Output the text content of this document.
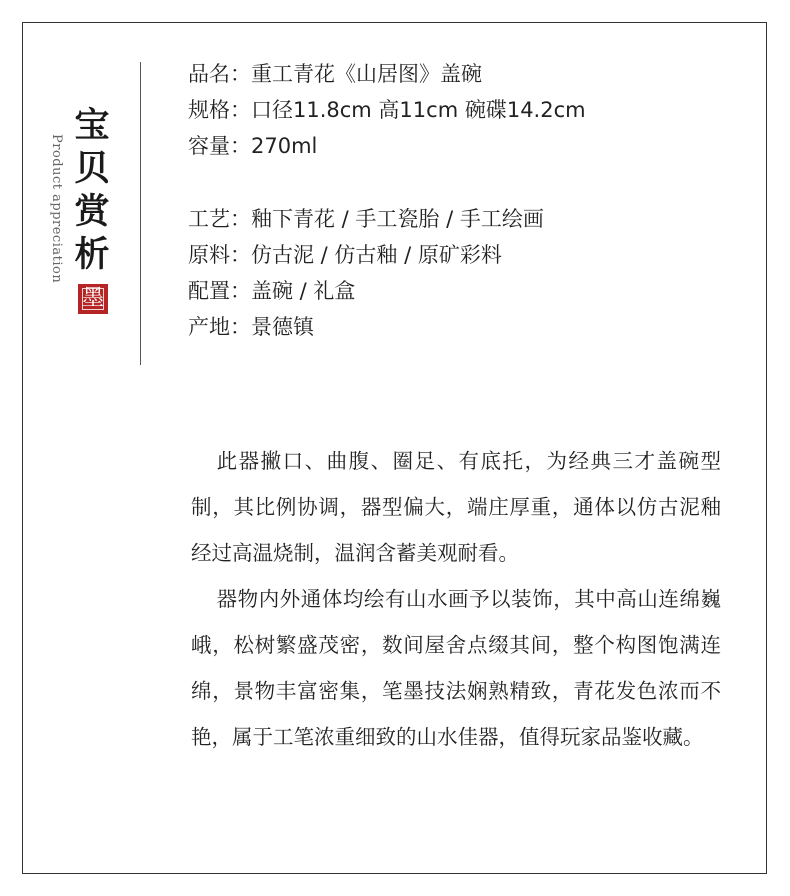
宝
贝
赏
析
Product appreciation
墨
品名：重工青花《山居图》盖碗
规格：口径11.8cm 高11cm 碗碟14.2cm
容量：270ml
工艺：釉下青花 / 手工瓷胎 / 手工绘画
原料：仿古泥 / 仿古釉 / 原矿彩料
配置：盖碗 / 礼盒
产地：景德镇

此器撇口、曲腹、圈足、有底托，为经典三才盖碗型制，其比例协调，器型偏大，端庄厚重，通体以仿古泥釉经过高温烧制，温润含蓄美观耐看。

器物内外通体均绘有山水画予以装饰，其中高山连绵巍峨，松树繁盛茂密，数间屋舍点缀其间，整个构图饱满连绵，景物丰富密集，笔墨技法娴熟精致，青花发色浓而不艳，属于工笔浓重细致的山水佳器，值得玩家品鉴收藏。
